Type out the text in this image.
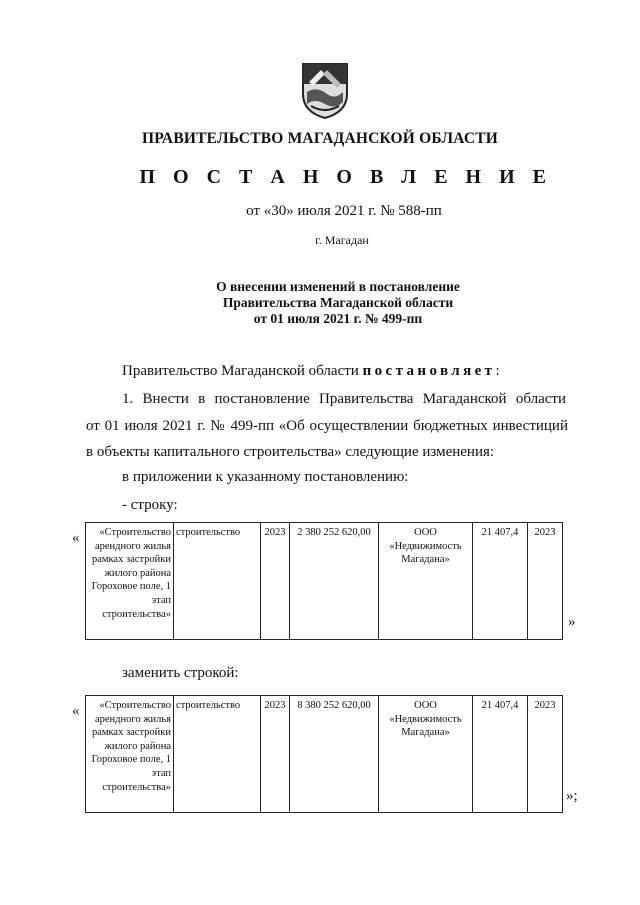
ПРАВИТЕЛЬСТВО МАГАДАНСКОЙ ОБЛАСТИ
П О С Т А Н О В Л Е Н И Е
от «30» июля 2021 г. № 588-пп
г. Магадан
О внесении изменений в постановление
Правительства Магаданской области
от 01 июля 2021 г. № 499-пп
Правительство Магаданской области постановляет:
1. Внести в постановление Правительства Магаданской области
от 01 июля 2021 г. № 499-пп «Об осуществлении бюджетных инвестиций
в объекты капитального строительства» следующие изменения:
в приложении к указанному постановлению:
- строку:
« «Строительство арендного жилья рамках застройки жилого района Гороховое поле, 1 этап строительства»	строительство	2023	2 380 252 620,00	ООО «Недвижимость Магадана»	21 407,4	2023
»
заменить строкой:
« «Строительство арендного жилья рамках застройки жилого района Гороховое поле, 1 этап строительства»	строительство	2023	8 380 252 620,00	ООО «Недвижимость Магадана»	21 407,4	2023
»;
